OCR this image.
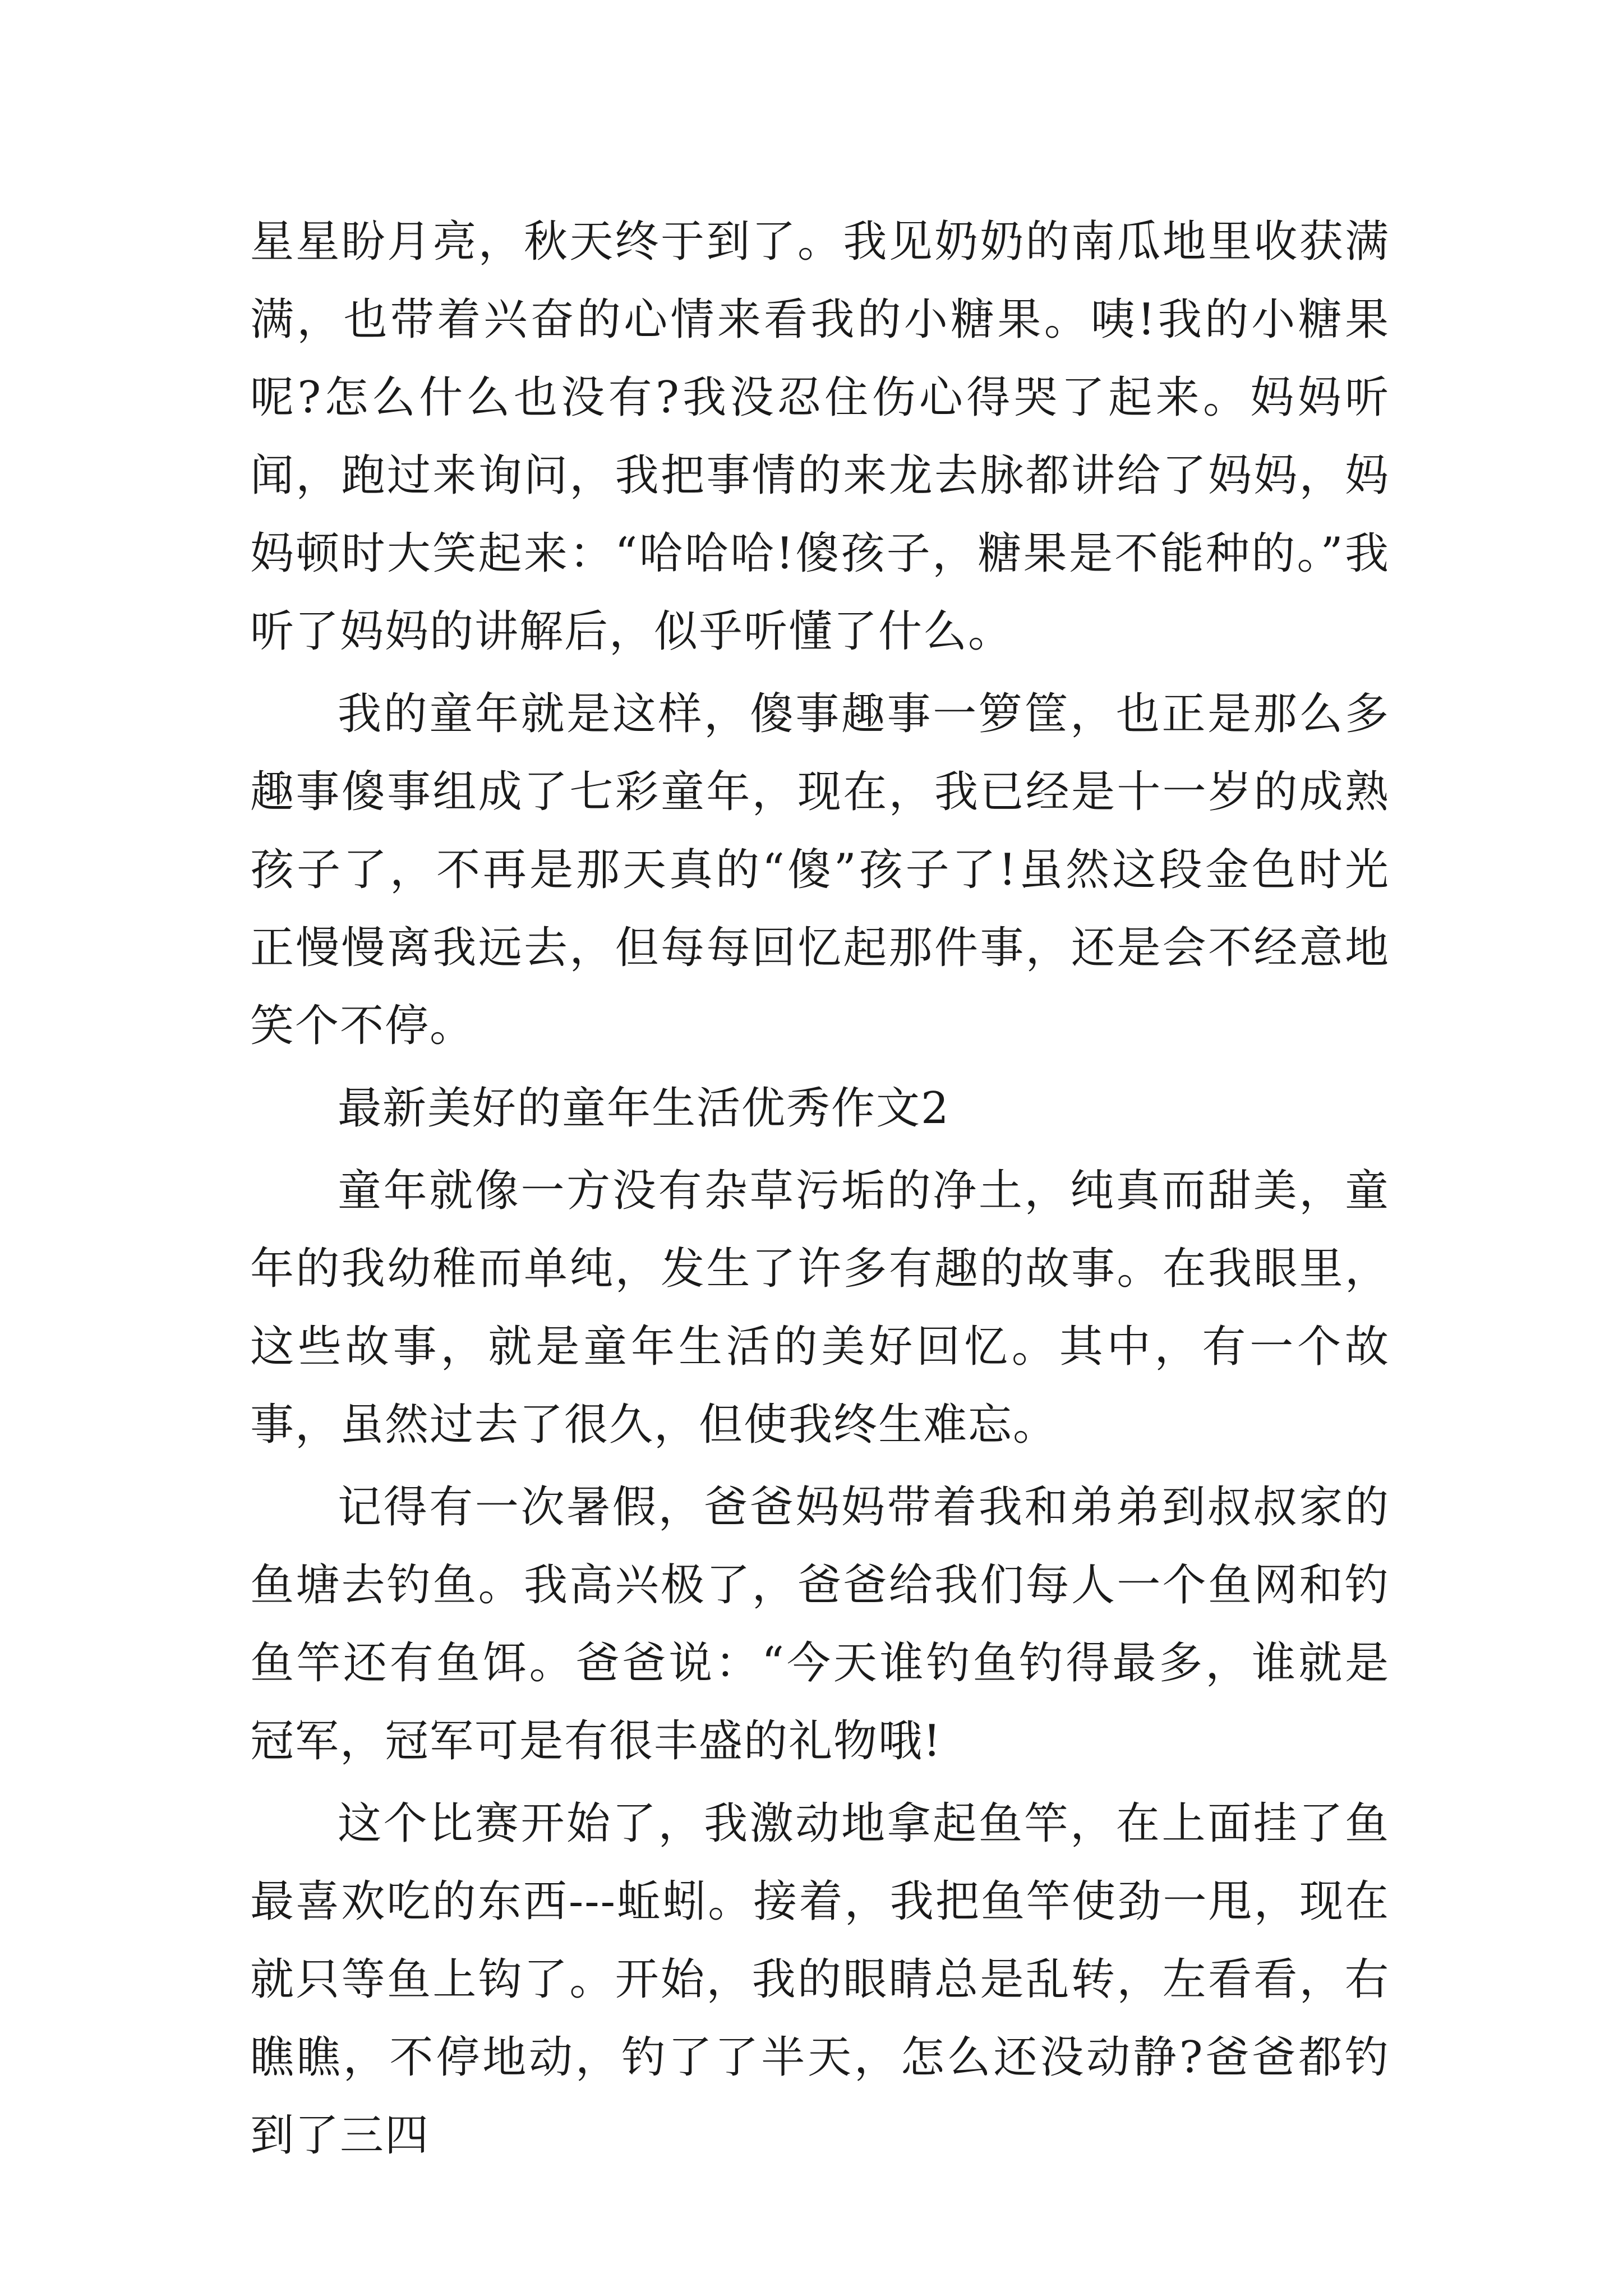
星星盼月亮，秋天终于到了。我见奶奶的南瓜地里收获满满，也带着兴奋的心情来看我的小糖果。咦!我的小糖果呢?怎么什么也没有?我没忍住伤心得哭了起来。妈妈听闻，跑过来询问，我把事情的来龙去脉都讲给了妈妈，妈妈顿时大笑起来：“哈哈哈!傻孩子，糖果是不能种的。”我听了妈妈的讲解后，似乎听懂了什么。

我的童年就是这样，傻事趣事一箩筐，也正是那么多趣事傻事组成了七彩童年，现在，我已经是十一岁的成熟孩子了，不再是那天真的“傻”孩子了!虽然这段金色时光正慢慢离我远去，但每每回忆起那件事，还是会不经意地笑个不停。

最新美好的童年生活优秀作文2

童年就像一方没有杂草污垢的净土，纯真而甜美，童年的我幼稚而单纯，发生了许多有趣的故事。在我眼里，这些故事，就是童年生活的美好回忆。其中，有一个故事，虽然过去了很久，但使我终生难忘。

记得有一次暑假，爸爸妈妈带着我和弟弟到叔叔家的鱼塘去钓鱼。我高兴极了，爸爸给我们每人一个鱼网和钓鱼竿还有鱼饵。爸爸说：“今天谁钓鱼钓得最多，谁就是冠军，冠军可是有很丰盛的礼物哦!

这个比赛开始了，我激动地拿起鱼竿，在上面挂了鱼最喜欢吃的东西---蚯蚓。接着，我把鱼竿使劲一甩，现在就只等鱼上钩了。开始，我的眼睛总是乱转，左看看，右瞧瞧，不停地动，钓了了半天，怎么还没动静?爸爸都钓到了三四
